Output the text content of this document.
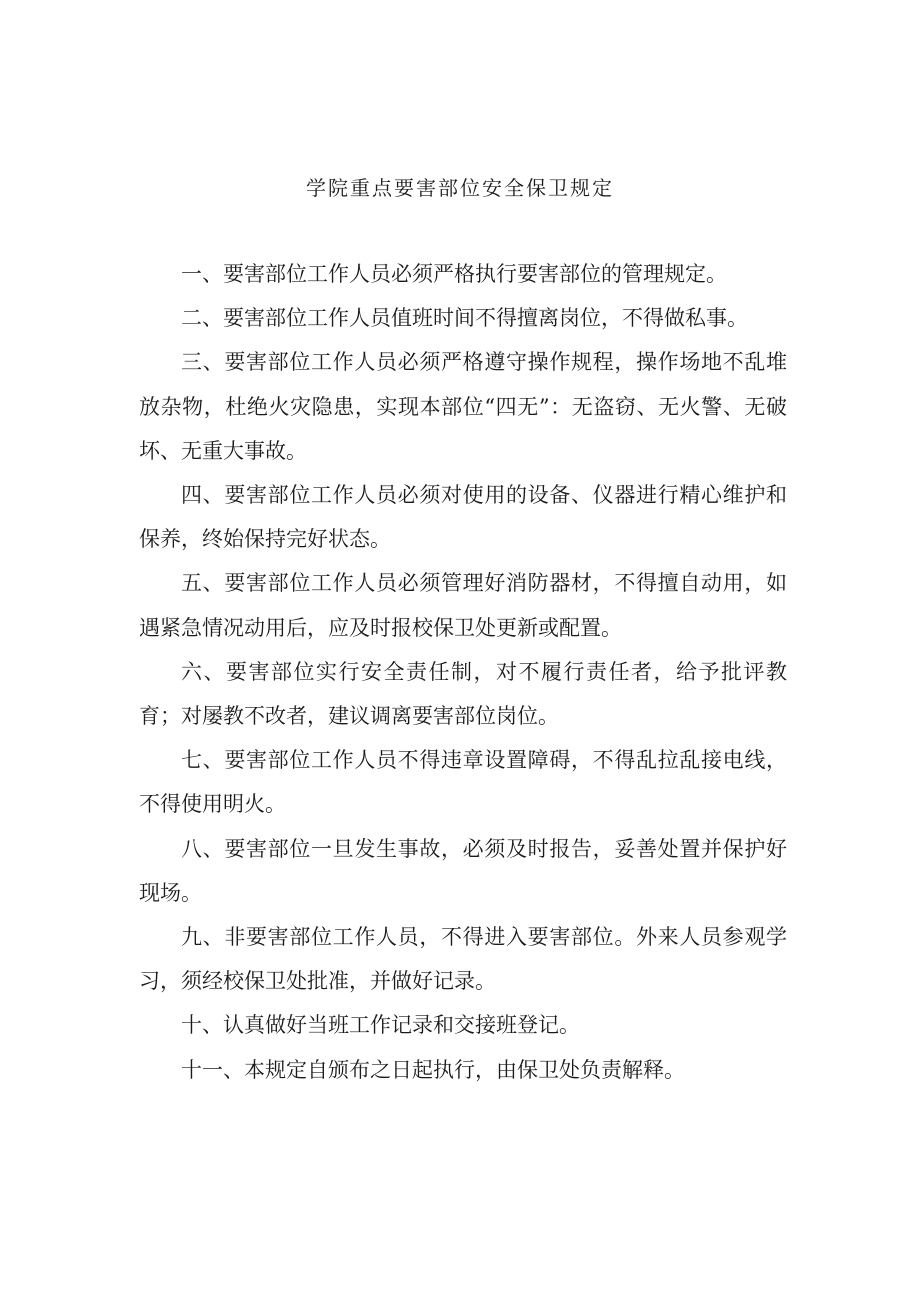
学院重点要害部位安全保卫规定

一、要害部位工作人员必须严格执行要害部位的管理规定。

二、要害部位工作人员值班时间不得擅离岗位，不得做私事。

三、要害部位工作人员必须严格遵守操作规程，操作场地不乱堆放杂物，杜绝火灾隐患，实现本部位“四无”：无盗窃、无火警、无破坏、无重大事故。

四、要害部位工作人员必须对使用的设备、仪器进行精心维护和保养，终始保持完好状态。

五、要害部位工作人员必须管理好消防器材，不得擅自动用，如遇紧急情况动用后，应及时报校保卫处更新或配置。

六、要害部位实行安全责任制，对不履行责任者，给予批评教育；对屡教不改者，建议调离要害部位岗位。

七、要害部位工作人员不得违章设置障碍，不得乱拉乱接电线，不得使用明火。

八、要害部位一旦发生事故，必须及时报告，妥善处置并保护好现场。

九、非要害部位工作人员，不得进入要害部位。外来人员参观学习，须经校保卫处批准，并做好记录。

十、认真做好当班工作记录和交接班登记。

十一、本规定自颁布之日起执行，由保卫处负责解释。
